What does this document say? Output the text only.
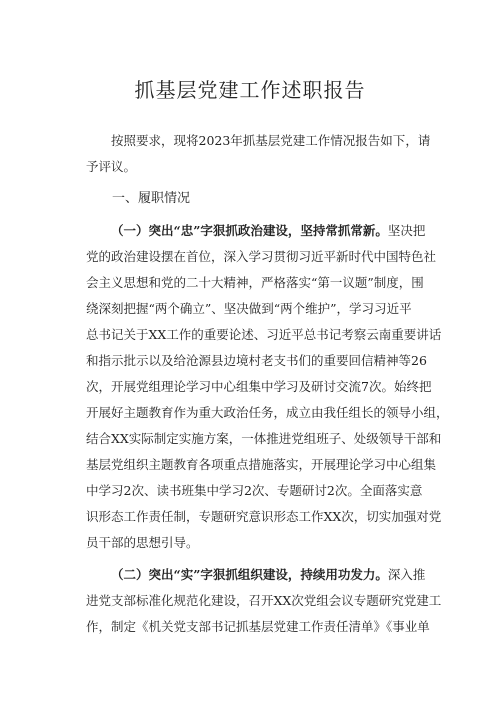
抓基层党建工作述职报告

按照要求，现将2023年抓基层党建工作情况报告如下，请
予评议。

一、履职情况

（一）突出“忠”字狠抓政治建设，坚持常抓常新。坚决把
党的政治建设摆在首位，深入学习贯彻习近平新时代中国特色社
会主义思想和党的二十大精神，严格落实“第一议题”制度，围
绕深刻把握“两个确立”、坚决做到“两个维护”，学习习近平
总书记关于XX工作的重要论述、习近平总书记考察云南重要讲话
和指示批示以及给沧源县边境村老支书们的重要回信精神等26
次，开展党组理论学习中心组集中学习及研讨交流7次。始终把
开展好主题教育作为重大政治任务，成立由我任组长的领导小组，
结合XX实际制定实施方案，一体推进党组班子、处级领导干部和
基层党组织主题教育各项重点措施落实，开展理论学习中心组集
中学习2次、读书班集中学习2次、专题研讨2次。全面落实意
识形态工作责任制，专题研究意识形态工作XX次，切实加强对党
员干部的思想引导。

（二）突出“实”字狠抓组织建设，持续用功发力。深入推
进党支部标准化规范化建设，召开XX次党组会议专题研究党建工
作，制定《机关党支部书记抓基层党建工作责任清单》《事业单
